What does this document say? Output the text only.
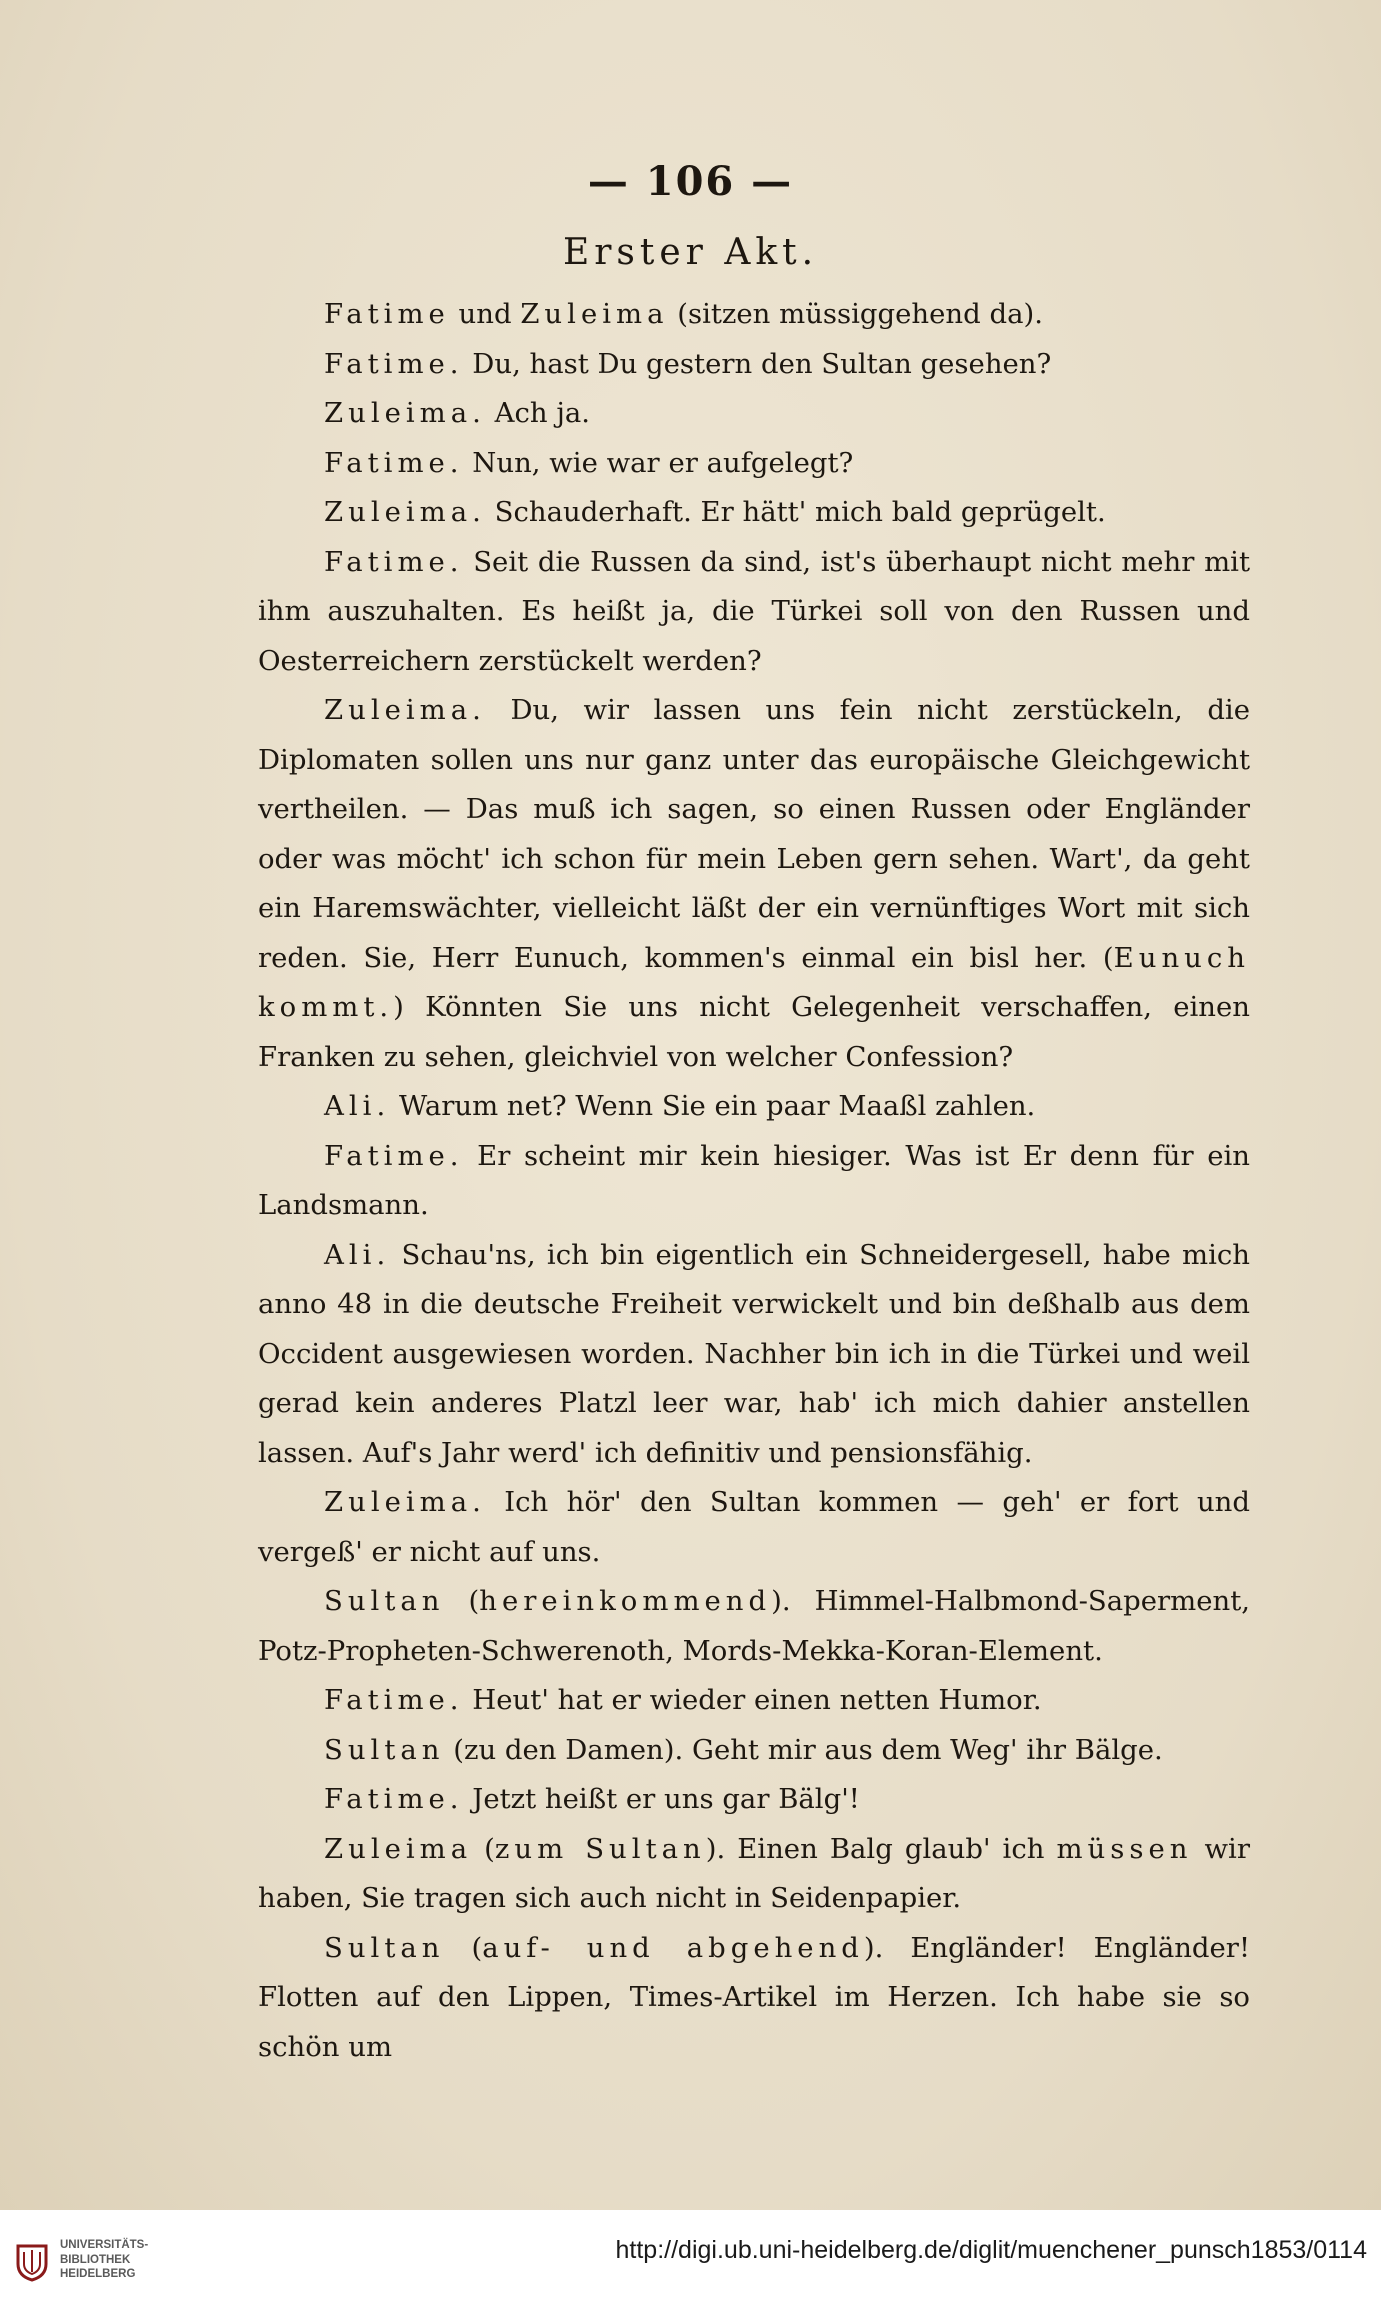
— 106 —
Erster Akt.

Fatime und Zuleima (sitzen müssiggehend da).

Fatime. Du, hast Du gestern den Sultan gesehen?

Zuleima. Ach ja.

Fatime. Nun, wie war er aufgelegt?

Zuleima. Schauderhaft. Er hätt' mich bald geprügelt.

Fatime. Seit die Russen da sind, ist's überhaupt nicht mehr mit ihm auszuhalten. Es heißt ja, die Türkei soll von den Russen und Oesterreichern zerstückelt werden?

Zuleima. Du, wir lassen uns fein nicht zerstückeln, die Diplomaten sollen uns nur ganz unter das europäische Gleichgewicht vertheilen. — Das muß ich sagen, so einen Russen oder Engländer oder was möcht' ich schon für mein Leben gern sehen. Wart', da geht ein Haremswächter, vielleicht läßt der ein vernünftiges Wort mit sich reden. Sie, Herr Eunuch, kommen's einmal ein bisl her. (Eunuch kommt.) Könnten Sie uns nicht Gelegenheit verschaffen, einen Franken zu sehen, gleichviel von welcher Confession?

Ali. Warum net? Wenn Sie ein paar Maaßl zahlen.

Fatime. Er scheint mir kein hiesiger. Was ist Er denn für ein Landsmann.

Ali. Schau'ns, ich bin eigentlich ein Schneidergesell, habe mich anno 48 in die deutsche Freiheit verwickelt und bin deßhalb aus dem Occident ausgewiesen worden. Nachher bin ich in die Türkei und weil gerad kein anderes Platzl leer war, hab' ich mich dahier anstellen lassen. Auf's Jahr werd' ich definitiv und pensionsfähig.

Zuleima. Ich hör' den Sultan kommen — geh' er fort und vergeß' er nicht auf uns.

Sultan (hereinkommend). Himmel-Halbmond-Saperment, Potz-Propheten-Schwerenoth, Mords-Mekka-Koran-Element.

Fatime. Heut' hat er wieder einen netten Humor.

Sultan (zu den Damen). Geht mir aus dem Weg' ihr Bälge.

Fatime. Jetzt heißt er uns gar Bälg'!

Zuleima (zum Sultan). Einen Balg glaub' ich müssen wir haben, Sie tragen sich auch nicht in Seidenpapier.

Sultan (auf- und abgehend). Engländer! Engländer! Flotten auf den Lippen, Times-Artikel im Herzen. Ich habe sie so schön um

UNIVERSITÄTS-
BIBLIOTHEK
HEIDELBERG
http://digi.ub.uni-heidelberg.de/diglit/muenchener_punsch1853/0114
